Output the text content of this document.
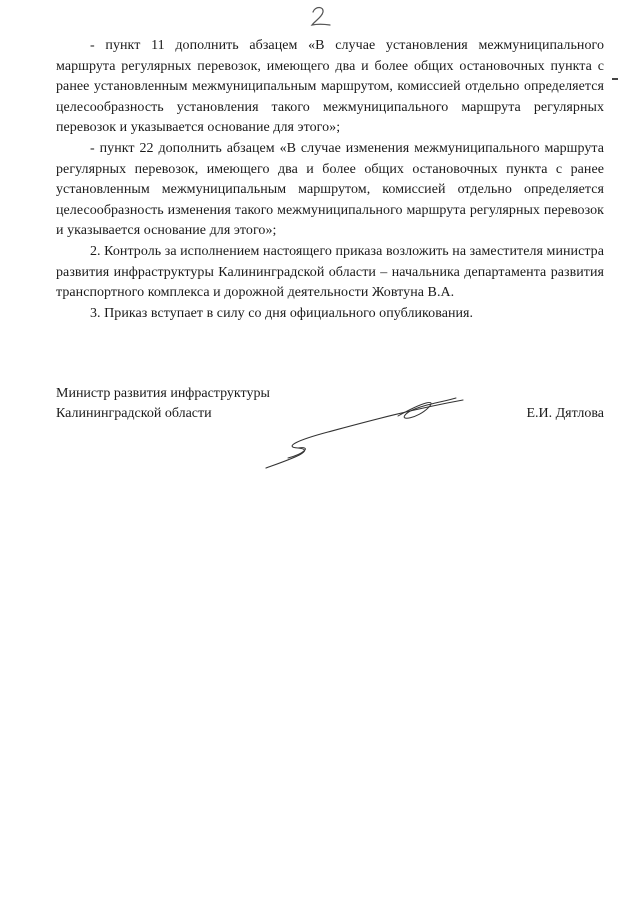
- пункт 11 дополнить абзацем «В случае установления межмуниципального маршрута регулярных перевозок, имеющего два и более общих остановочных пункта с ранее установленным межмуниципальным маршрутом, комиссией отдельно определяется целесообразность установления такого межмуниципального маршрута регулярных перевозок и указывается основание для этого»;

- пункт 22 дополнить абзацем «В случае изменения межмуниципального маршрута регулярных перевозок, имеющего два и более общих остановочных пункта с ранее установленным межмуниципальным маршрутом, комиссией отдельно определяется целесообразность изменения такого межмуниципального маршрута регулярных перевозок и указывается основание для этого»;

2. Контроль за исполнением настоящего приказа возложить на заместителя министра развития инфраструктуры Калининградской области – начальника департамента развития транспортного комплекса и дорожной деятельности Жовтуна В.А.

3. Приказ вступает в силу со дня официального опубликования.

Министр развития инфраструктуры
Калининградской области	Е.И. Дятлова
